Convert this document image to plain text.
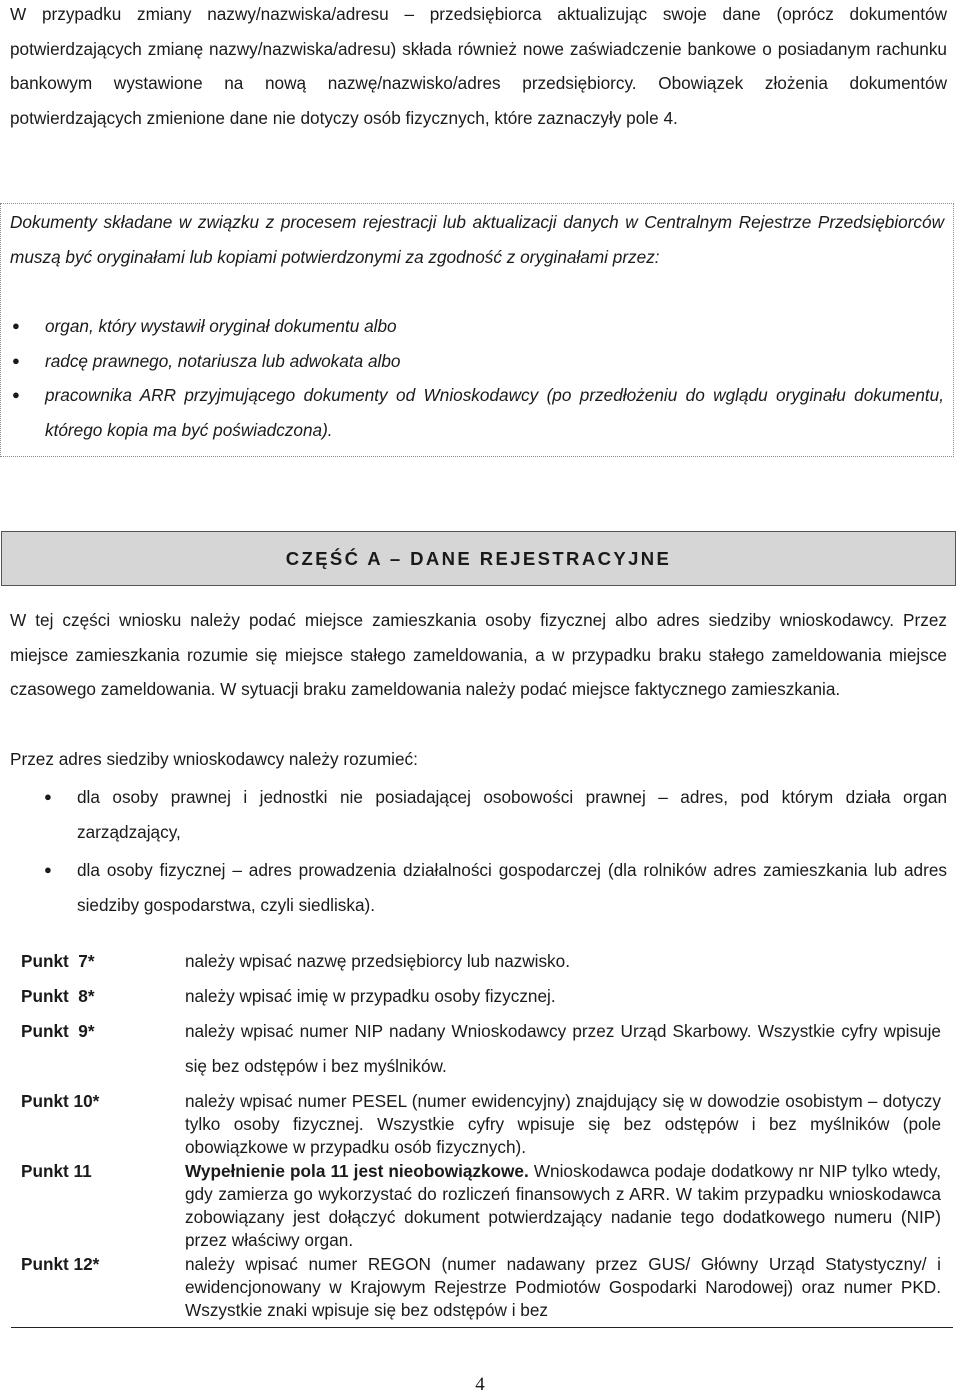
W przypadku zmiany nazwy/nazwiska/adresu – przedsiębiorca aktualizując swoje dane (oprócz dokumentów potwierdzających zmianę nazwy/nazwiska/adresu) składa również nowe zaświadczenie bankowe o posiadanym rachunku bankowym wystawione na nową nazwę/nazwisko/adres przedsiębiorcy. Obowiązek złożenia dokumentów potwierdzających zmienione dane nie dotyczy osób fizycznych, które zaznaczyły pole 4.

Dokumenty składane w związku z procesem rejestracji lub aktualizacji danych w Centralnym Rejestrze Przedsiębiorców muszą być oryginałami lub kopiami potwierdzonymi za zgodność z oryginałami przez:

● organ, który wystawił oryginał dokumentu albo
● radcę prawnego, notariusza lub adwokata albo
● pracownika ARR przyjmującego dokumenty od Wnioskodawcy (po przedłożeniu do wglądu oryginału dokumentu, którego kopia ma być poświadczona).
CZĘŚĆ A – DANE REJESTRACYJNE

W tej części wniosku należy podać miejsce zamieszkania osoby fizycznej albo adres siedziby wnioskodawcy. Przez miejsce zamieszkania rozumie się miejsce stałego zameldowania, a w przypadku braku stałego zameldowania miejsce czasowego zameldowania. W sytuacji braku zameldowania należy podać miejsce faktycznego zamieszkania.

Przez adres siedziby wnioskodawcy należy rozumieć:

● dla osoby prawnej i jednostki nie posiadającej osobowości prawnej – adres, pod którym działa organ zarządzający,
● dla osoby fizycznej – adres prowadzenia działalności gospodarczej (dla rolników adres zamieszkania lub adres siedziby gospodarstwa, czyli siedliska).
Punkt  7*	należy wpisać nazwę przedsiębiorcy lub nazwisko.

Punkt  8*	należy wpisać imię w przypadku osoby fizycznej.

Punkt  9*	należy wpisać numer NIP nadany Wnioskodawcy przez Urząd Skarbowy. Wszystkie cyfry wpisuje się bez odstępów i bez myślników.

Punkt 10*	należy wpisać numer PESEL (numer ewidencyjny) znajdujący się w dowodzie osobistym – dotyczy tylko osoby fizycznej. Wszystkie cyfry wpisuje się bez odstępów i bez myślników (pole obowiązkowe w przypadku osób fizycznych).

Punkt 11	Wypełnienie pola 11 jest nieobowiązkowe. Wnioskodawca podaje dodatkowy nr NIP tylko wtedy, gdy zamierza go wykorzystać do rozliczeń finansowych z ARR. W takim przypadku wnioskodawca zobowiązany jest dołączyć dokument potwierdzający nadanie tego dodatkowego numeru (NIP) przez właściwy organ.

Punkt 12*	należy wpisać numer REGON (numer nadawany przez GUS/ Główny Urząd Statystyczny/ i ewidencjonowany w Krajowym Rejestrze Podmiotów Gospodarki Narodowej) oraz numer PKD. Wszystkie znaki wpisuje się bez odstępów i bez

4
